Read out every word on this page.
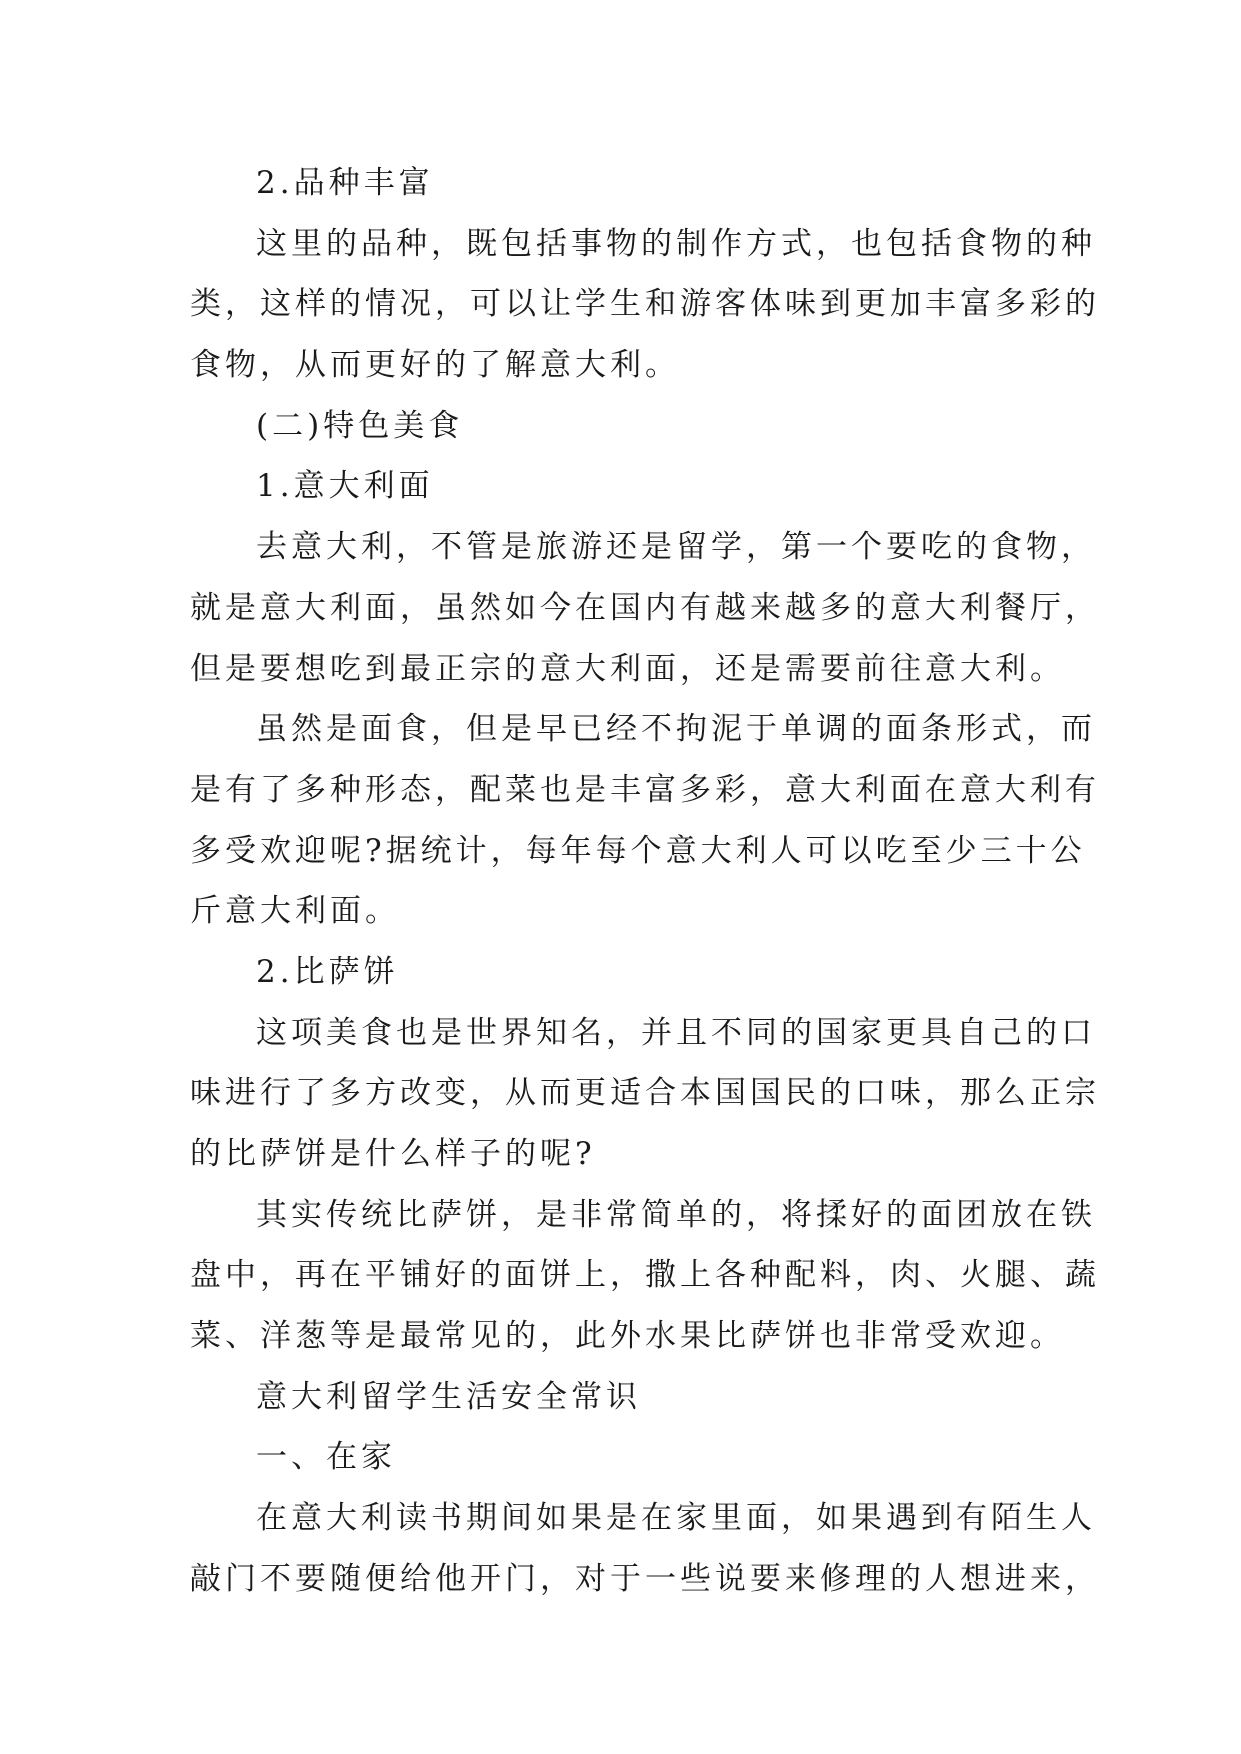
2.品种丰富
这里的品种，既包括事物的制作方式，也包括食物的种
类，这样的情况，可以让学生和游客体味到更加丰富多彩的
食物，从而更好的了解意大利。
(二)特色美食
1.意大利面
去意大利，不管是旅游还是留学，第一个要吃的食物，
就是意大利面，虽然如今在国内有越来越多的意大利餐厅，
但是要想吃到最正宗的意大利面，还是需要前往意大利。
虽然是面食，但是早已经不拘泥于单调的面条形式，而
是有了多种形态，配菜也是丰富多彩，意大利面在意大利有
多受欢迎呢?据统计，每年每个意大利人可以吃至少三十公
斤意大利面。
2.比萨饼
这项美食也是世界知名，并且不同的国家更具自己的口
味进行了多方改变，从而更适合本国国民的口味，那么正宗
的比萨饼是什么样子的呢?
其实传统比萨饼，是非常简单的，将揉好的面团放在铁
盘中，再在平铺好的面饼上，撒上各种配料，肉、火腿、蔬
菜、洋葱等是最常见的，此外水果比萨饼也非常受欢迎。
意大利留学生活安全常识
一、在家
在意大利读书期间如果是在家里面，如果遇到有陌生人
敲门不要随便给他开门，对于一些说要来修理的人想进来，
